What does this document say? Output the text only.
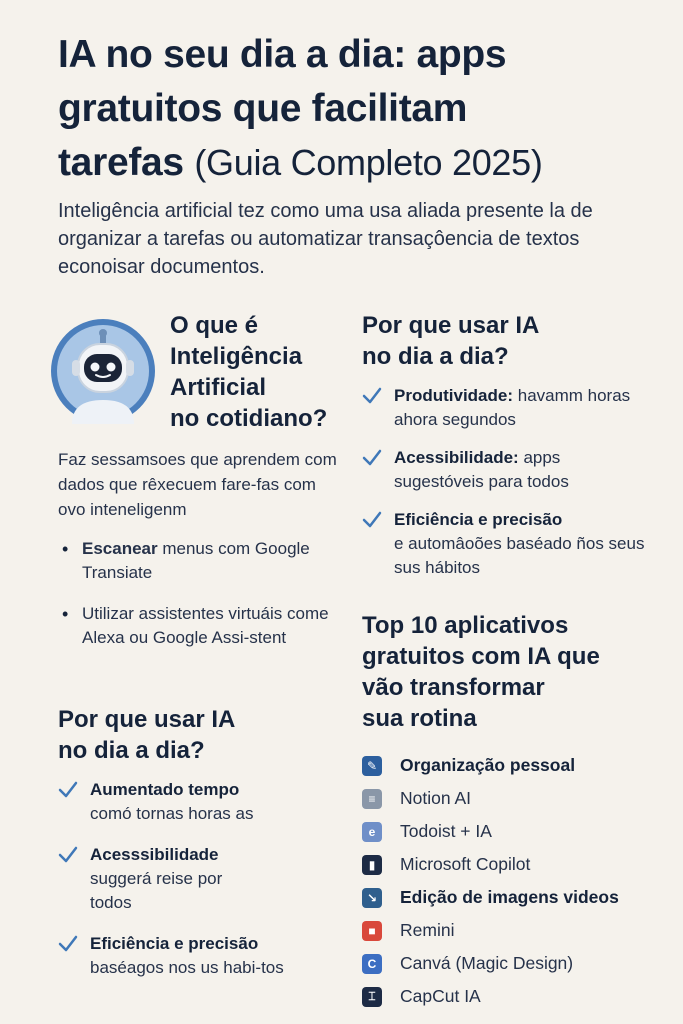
IA no seu dia a dia: apps
gratuitos que facilitam
tarefas (Guia Completo 2025)
Inteligência artificial tez como uma usa aliada presente la de organizar a tarefas ou automatizar transaçôencia de textos econoisar documentos.
O que é
Inteligência
Artificial
no cotidiano?
Faz sessamsoes que aprendem com dados que rêxecuem fare-fas com ovo inteneligenm
• Escanear menus com Google Transiate
• Utilizar assistentes virtuáis come Alexa ou Google Assi-stent
Por que usar IA
no dia a dia?
Aumentado tempo
comó tornas horas as
Acesssibilidade
suggerá reise por todos
Eficiência e precisão
baséagos nos us habi-tos
Por que usar IA
no dia a dia?
Produtividade: havamm horas ahora segundos
Acessibilidade: apps sugestóveis para todos
Eficiência e precisão
e automâoões baséado ños seus sus hábitos
Top 10 aplicativos
gratuitos com IA que
vão transformar
sua rotina
✎ Organização pessoal
≡	Notion AI
e	Todoist + IA
▮	Microsoft Copilot
↘ Edição de imagens videos
■	Remini
C	Canvá (Magic Design)
⌶	CapCut IA
